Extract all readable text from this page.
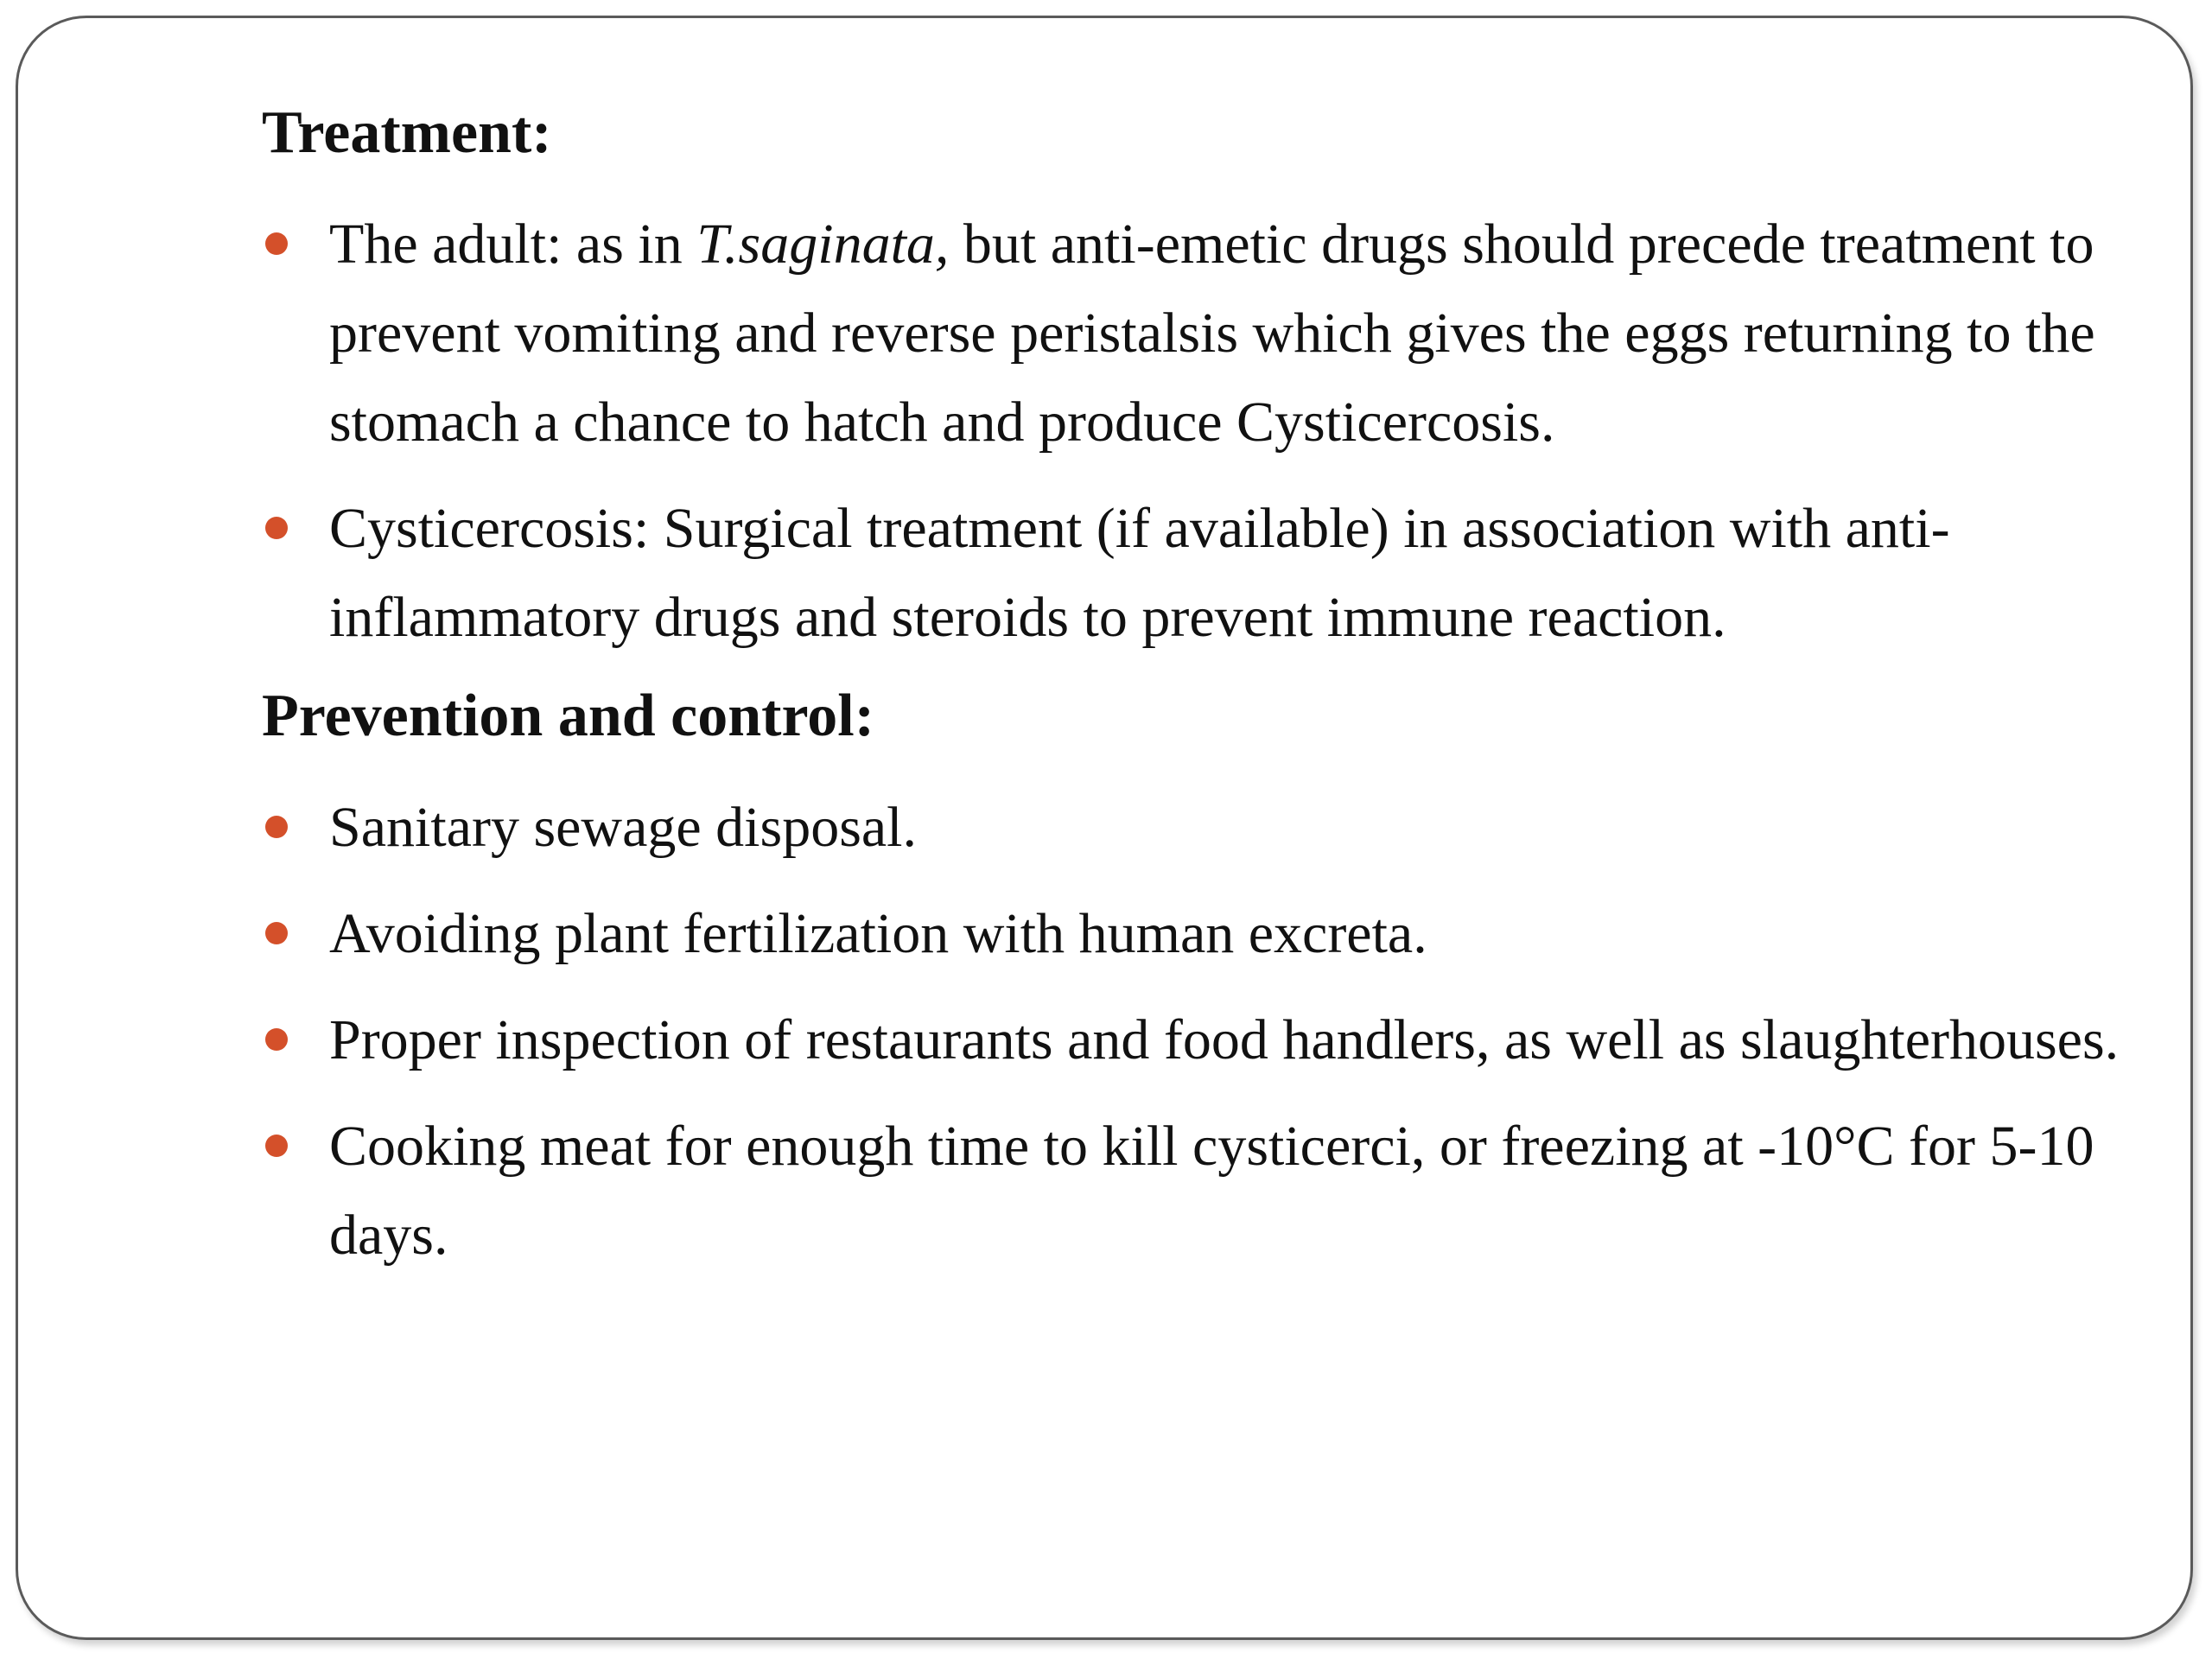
Treatment:
The adult: as in T.saginata, but anti-emetic drugs should precede treatment to prevent vomiting and reverse peristalsis which gives the eggs returning to the stomach a chance to hatch and produce Cysticercosis.
Cysticercosis: Surgical treatment (if available) in association with anti-inflammatory drugs and steroids to prevent immune reaction.
Prevention and control:
Sanitary sewage disposal.
Avoiding plant fertilization with human excreta.
Proper inspection of restaurants and food handlers, as well as slaughterhouses.
Cooking meat for enough time to kill cysticerci, or freezing at -10°C for 5-10 days.
